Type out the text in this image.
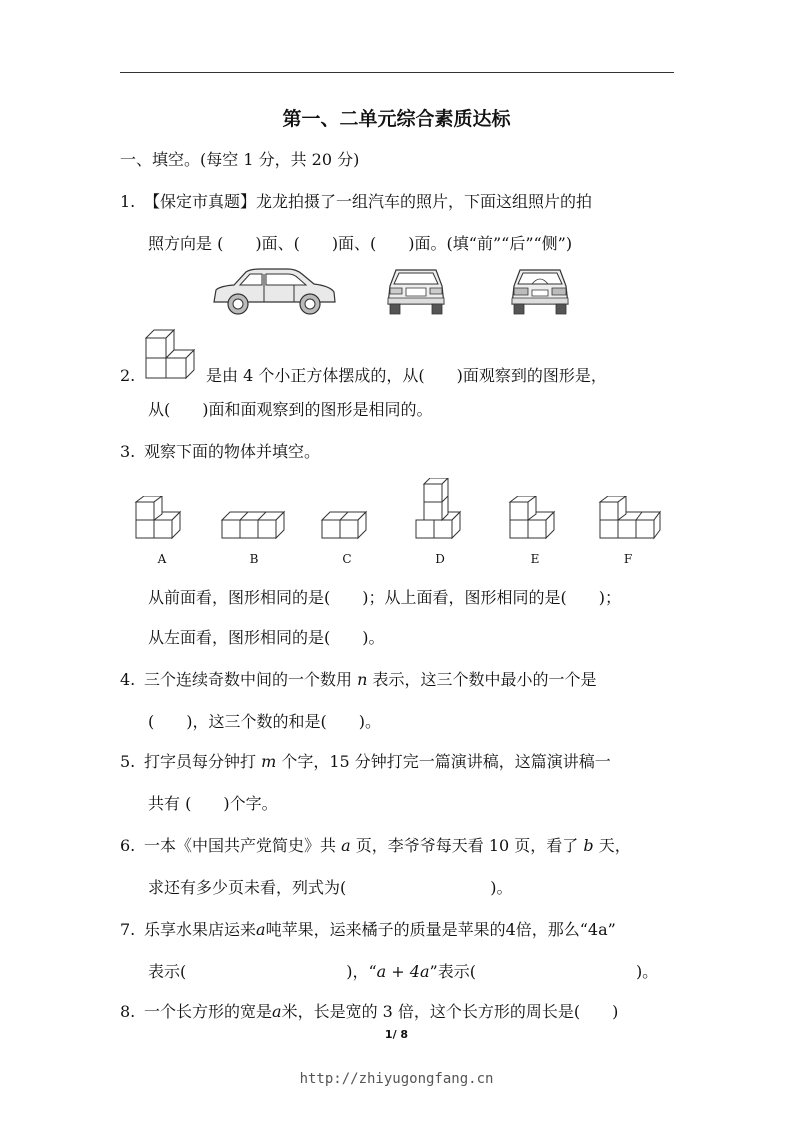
第一、二单元综合素质达标
一、填空。(每空 1 分，共 20 分)
1. 【保定市真题】龙龙拍摄了一组汽车的照片，下面这组照片的拍
照方向是 (　　)面、(　　)面、(　　)面。(填“前”“后”“侧”)
2.	是由 4 个小正方体摆成的，从(　　)面观察到的图形是，
从(　　)面和面观察到的图形是相同的。
3. 观察下面的物体并填空。
A	B	C	D	E	F
从前面看，图形相同的是(　　)；从上面看，图形相同的是(　　)；
从左面看，图形相同的是(　　)。
4. 三个连续奇数中间的一个数用 n 表示，这三个数中最小的一个是
(　　)，这三个数的和是(　　)。
5. 打字员每分钟打 m 个字，15 分钟打完一篇演讲稿，这篇演讲稿一
共有 (　　)个字。
6. 一本《中国共产党简史》共 a 页，李爷爷每天看 10 页，看了 b 天，
求还有多少页未看，列式为(　　　　　　　　　)。
7. 乐享水果店运来a吨苹果，运来橘子的质量是苹果的4倍，那么“4a”
表示(　　　　　　　　　　)，“a + 4a”表示(　　　　　　　　　　)。
8. 一个长方形的宽是a米，长是宽的 3 倍，这个长方形的周长是(　　)
1/ 8
http://zhiyugongfang.cn
